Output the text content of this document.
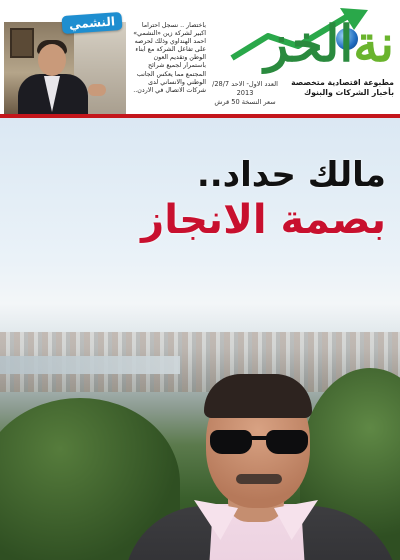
النشمي	باختصار .. نسجل احتراما اكبير لشركة زين «النشمي» احمد الهنداوي وذلك لحرصه على تفاعل الشركة مع ابناء الوطن وتقديم العون باستمرار لجميع شرائح المجتمع مما يعكس الجانب الوطني والانساني لدى شركات الاتصال في الاردن..
نةالخز
مطبوعة اقتصادية متخصصة
بأخبار الشركات والبنوك
العدد الاول- الاحد 28/7/ 2013
سعر النسخة 50 قرش
مالك حداد..
بصمة الانجاز
